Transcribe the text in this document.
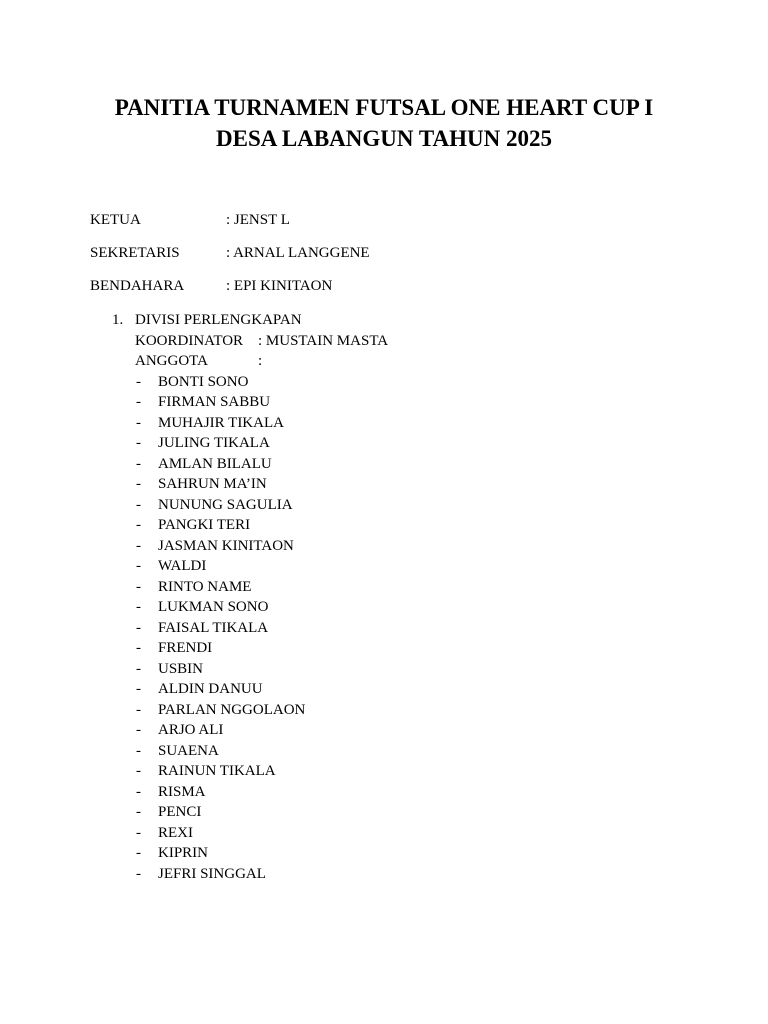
PANITIA TURNAMEN FUTSAL ONE HEART CUP I
DESA LABANGUN TAHUN 2025
KETUA	: JENST L
SEKRETARIS	: ARNAL LANGGENE
BENDAHARA	: EPI KINITAON
1. DIVISI PERLENGKAPAN
KOORDINATOR : MUSTAIN MASTA
ANGGOTA	:
- BONTI SONO
- FIRMAN SABBU
- MUHAJIR TIKALA
- JULING TIKALA
- AMLAN BILALU
- SAHRUN MA’IN
- NUNUNG SAGULIA
- PANGKI TERI
- JASMAN KINITAON
- WALDI
- RINTO NAME
- LUKMAN SONO
- FAISAL TIKALA
- FRENDI
- USBIN
- ALDIN DANUU
- PARLAN NGGOLAON
- ARJO ALI
- SUAENA
- RAINUN TIKALA
- RISMA
- PENCI
- REXI
- KIPRIN
- JEFRI SINGGAL
